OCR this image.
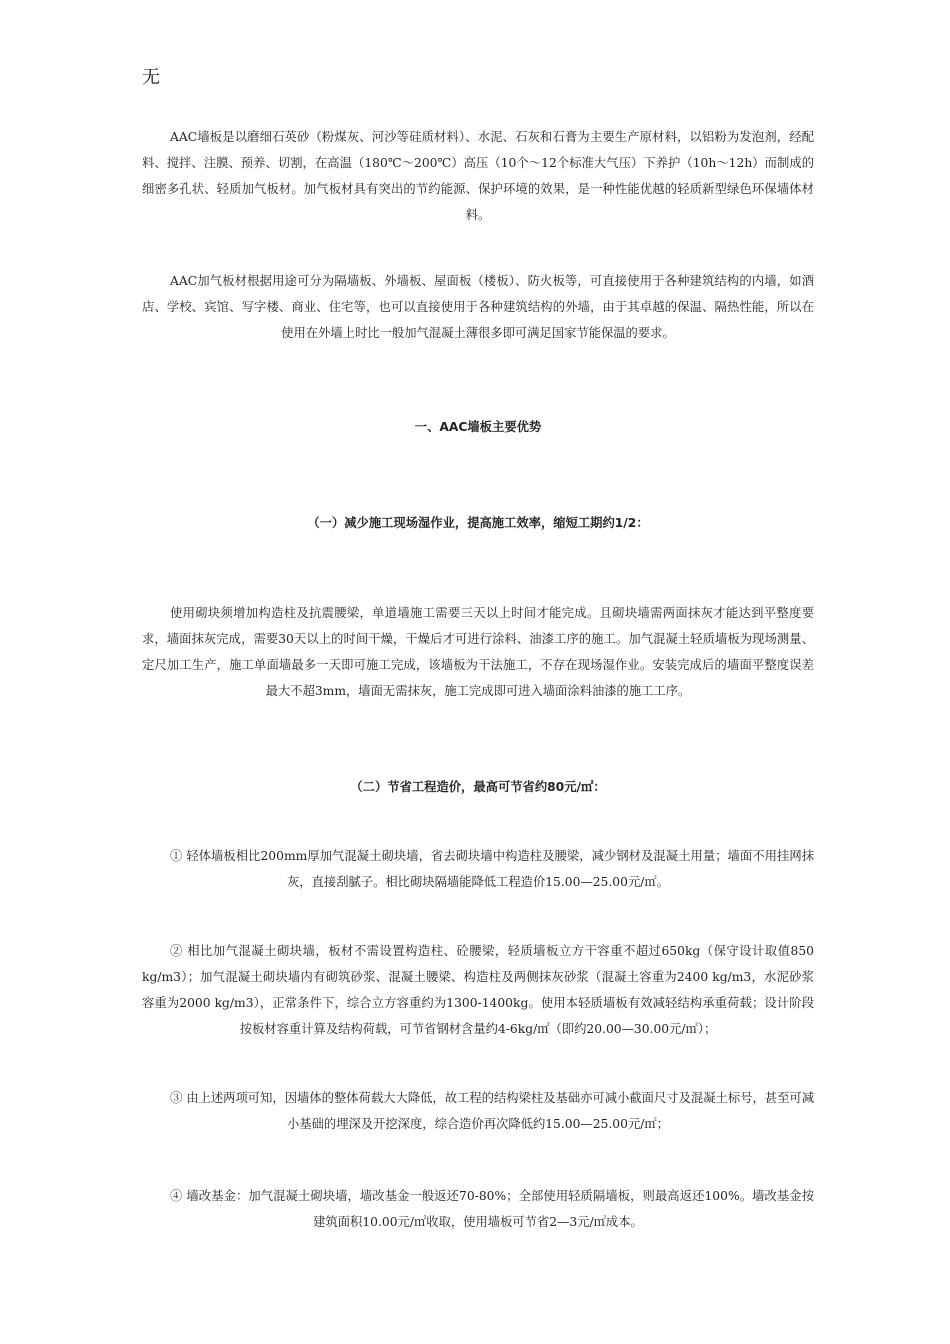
无

AAC墙板是以磨细石英砂（粉煤灰、河沙等硅质材料）、水泥、石灰和石膏为主要生产原材料，以铝粉为发泡剂，经配料、搅拌、注膜、预养、切割，在高温（180℃～200℃）高压（10个～12个标准大气压）下养护（10h～12h）而制成的细密多孔状、轻质加气板材。加气板材具有突出的节约能源、保护环境的效果，是一种性能优越的轻质新型绿色环保墙体材料。

AAC加气板材根据用途可分为隔墙板、外墙板、屋面板（楼板）、防火板等，可直接使用于各种建筑结构的内墙，如酒店、学校、宾馆、写字楼、商业、住宅等，也可以直接使用于各种建筑结构的外墙，由于其卓越的保温、隔热性能，所以在使用在外墙上时比一般加气混凝土薄很多即可满足国家节能保温的要求。

一、AAC墙板主要优势
（一）减少施工现场湿作业，提高施工效率，缩短工期约1/2：

使用砌块须增加构造柱及抗震腰梁，单道墙施工需要三天以上时间才能完成。且砌块墙需两面抹灰才能达到平整度要求，墙面抹灰完成，需要30天以上的时间干燥，干燥后才可进行涂料、油漆工序的施工。加气混凝土轻质墙板为现场测量、定尺加工生产，施工单面墙最多一天即可施工完成，该墙板为干法施工，不存在现场湿作业。安装完成后的墙面平整度误差最大不超3mm，墙面无需抹灰，施工完成即可进入墙面涂料油漆的施工工序。

（二）节省工程造价，最高可节省约80元/㎡：

① 轻体墙板相比200mm厚加气混凝土砌块墙，省去砌块墙中构造柱及腰梁，减少钢材及混凝土用量；墙面不用挂网抹灰，直接刮腻子。相比砌块隔墙能降低工程造价15.00—25.00元/㎡。

② 相比加气混凝土砌块墙，板材不需设置构造柱、砼腰梁，轻质墙板立方干容重不超过650kg（保守设计取值850 kg/m3）；加气混凝土砌块墙内有砌筑砂浆、混凝土腰梁、构造柱及两侧抹灰砂浆（混凝土容重为2400 kg/m3，水泥砂浆容重为2000 kg/m3），正常条件下，综合立方容重约为1300-1400kg。使用本轻质墙板有效减轻结构承重荷载；设计阶段按板材容重计算及结构荷载，可节省钢材含量约4-6kg/㎡（即约20.00—30.00元/㎡）；

③ 由上述两项可知，因墙体的整体荷载大大降低，故工程的结构梁柱及基础亦可减小截面尺寸及混凝土标号，甚至可减小基础的埋深及开挖深度，综合造价再次降低约15.00—25.00元/㎡；

④ 墙改基金：加气混凝土砌块墙，墙改基金一般返还70-80%；全部使用轻质隔墙板，则最高返还100%。墙改基金按建筑面积10.00元/㎡收取，使用墙板可节省2—3元/㎡成本。
